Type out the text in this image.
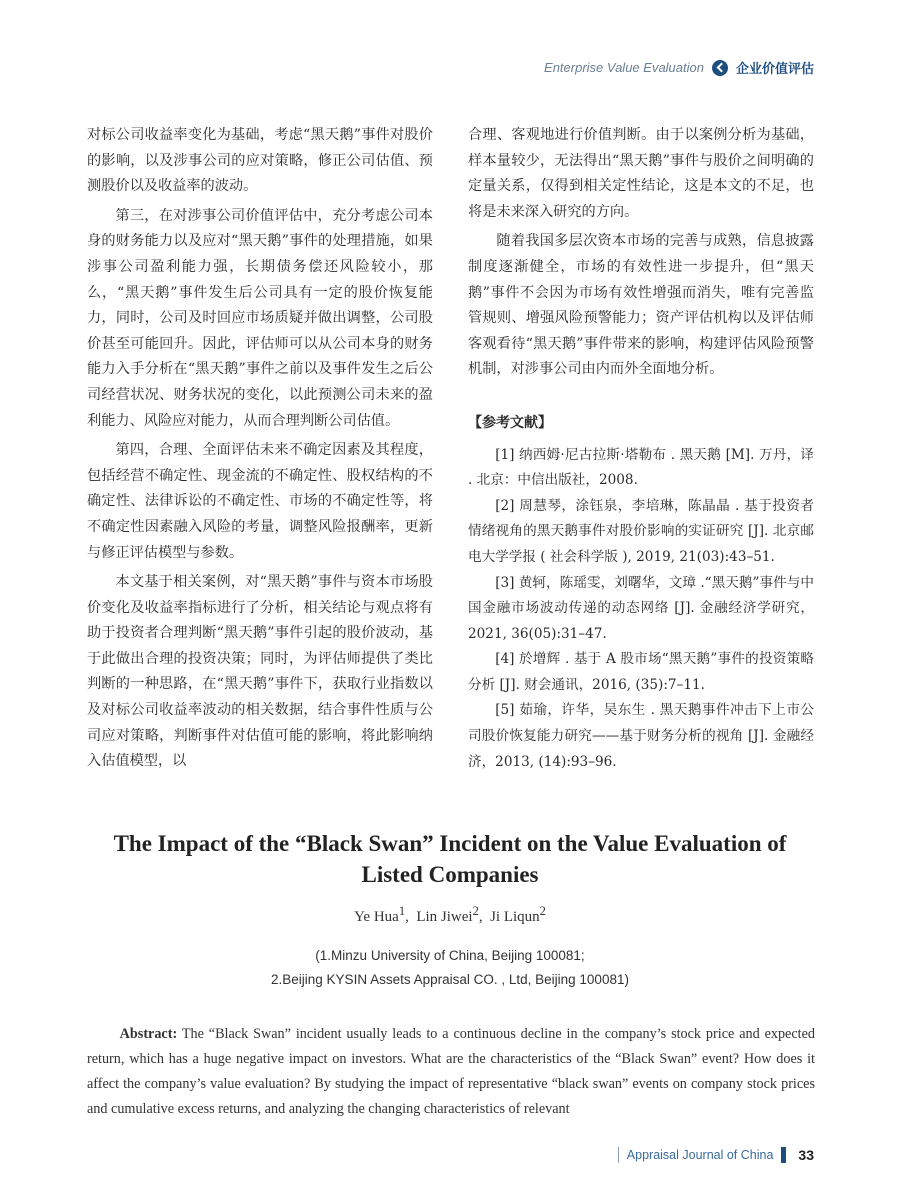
Enterprise Value Evaluation 企业价值评估

对标公司收益率变化为基础，考虑“黑天鹅”事件对股价的影响，以及涉事公司的应对策略，修正公司估值、预测股价以及收益率的波动。

第三，在对涉事公司价值评估中，充分考虑公司本身的财务能力以及应对“黑天鹅”事件的处理措施，如果涉事公司盈利能力强，长期债务偿还风险较小，那么，“黑天鹅”事件发生后公司具有一定的股价恢复能力，同时，公司及时回应市场质疑并做出调整，公司股价甚至可能回升。因此，评估师可以从公司本身的财务能力入手分析在“黑天鹅”事件之前以及事件发生之后公司经营状况、财务状况的变化，以此预测公司未来的盈利能力、风险应对能力，从而合理判断公司估值。

第四，合理、全面评估未来不确定因素及其程度，包括经营不确定性、现金流的不确定性、股权结构的不确定性、法律诉讼的不确定性、市场的不确定性等，将不确定性因素融入风险的考量，调整风险报酬率，更新与修正评估模型与参数。

本文基于相关案例，对“黑天鹅”事件与资本市场股价变化及收益率指标进行了分析，相关结论与观点将有助于投资者合理判断“黑天鹅”事件引起的股价波动，基于此做出合理的投资决策；同时，为评估师提供了类比判断的一种思路，在“黑天鹅”事件下，获取行业指数以及对标公司收益率波动的相关数据，结合事件性质与公司应对策略，判断事件对估值可能的影响，将此影响纳入估值模型，以

合理、客观地进行价值判断。由于以案例分析为基础，样本量较少，无法得出“黑天鹅”事件与股价之间明确的定量关系，仅得到相关定性结论，这是本文的不足，也将是未来深入研究的方向。

随着我国多层次资本市场的完善与成熟，信息披露制度逐渐健全，市场的有效性进一步提升，但“黑天鹅”事件不会因为市场有效性增强而消失，唯有完善监管规则、增强风险预警能力；资产评估机构以及评估师客观看待“黑天鹅”事件带来的影响，构建评估风险预警机制，对涉事公司由内而外全面地分析。

【参考文献】

[1] 纳西姆·尼古拉斯·塔勒布 . 黑天鹅 [M]. 万丹，译 . 北京：中信出版社，2008.

[2] 周慧琴，涂钰泉，李培琳，陈晶晶 . 基于投资者情绪视角的黑天鹅事件对股价影响的实证研究 [J]. 北京邮电大学学报 ( 社会科学版 ), 2019, 21(03):43–51.

[3] 黄轲，陈瑶雯，刘曙华，文璋 .“黑天鹅”事件与中国金融市场波动传递的动态网络 [J]. 金融经济学研究，2021, 36(05):31–47.

[4] 於增辉 . 基于 A 股市场“黑天鹅”事件的投资策略分析 [J]. 财会通讯，2016, (35):7–11.

[5] 茹瑜，许华，吴东生 . 黑天鹅事件冲击下上市公司股价恢复能力研究——基于财务分析的视角 [J]. 金融经济，2013, (14):93–96.

The Impact of the “Black Swan” Incident on the Value Evaluation of
Listed Companies
Ye Hua$^1$,  Lin Jiwei$^2$,  Ji Liqun$^2$
(1.Minzu University of China, Beijing 100081;
2.Beijing KYSIN Assets Appraisal CO. , Ltd, Beijing 100081)

Abstract: The “Black Swan” incident usually leads to a continuous decline in the company’s stock price and expected return, which has a huge negative impact on investors. What are the characteristics of the “Black Swan” event? How does it affect the company’s value evaluation? By studying the impact of representative “black swan” events on company stock prices and cumulative excess returns, and analyzing the changing characteristics of relevant

Appraisal Journal of China 33
